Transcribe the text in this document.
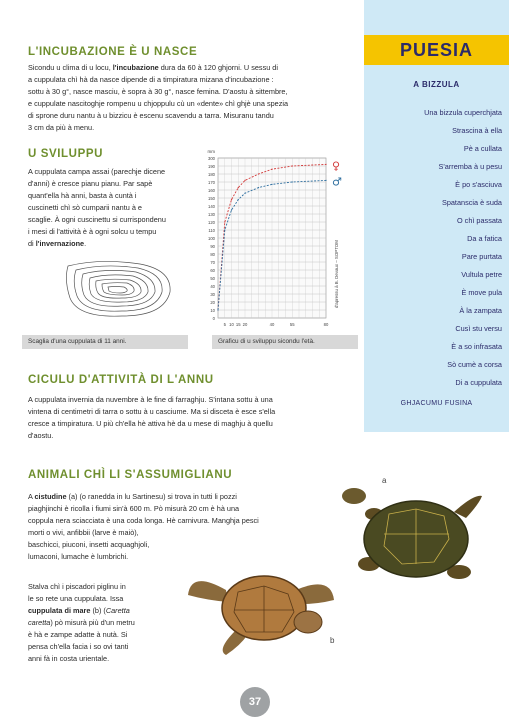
L'INCUBAZIONE È U NASCE
Sicondu u clima di u locu, l'incubazione dura da 60 à 120 ghjorni. U sessu di
a cuppulata chì hà da nasce dipende di a timpiratura mizana d'incubazione :
sottu à 30 g°, nasce masciu, è sopra à 30 g°, nasce femina. D'aostu à sittembre,
e cuppulate nascitoghje rompenu u chjoppulu cù un «dente» chì ghjè una spezia
di sprone duru nantu à u bizzicu è escenu scavendu a tarra. Misuranu tandu
3 cm da più à menu.
U SVILUPPU
A cuppulata campa assai (parechje dicene
d'anni) è cresce pianu pianu. Par sapè
quant'ella hà anni, basta à cuntà i
cuscinetti chì sò cumparii nantu à e
scaglie. À ogni cuscinettu si currispondenu
i mesi di l'attività è à ogni solcu u tempu
di l'invernazione.
Scaglia d'una cuppulata di 11 anni.
300
190
180
170
160
150
140
130
120
110
100
90
80
70
60
50
40
30
20
10
0
5 10 15 20	40	55	80
mm
d'apressu à B. Devaux – SOPTOM
♀
♂
Graficu di u sviluppu sicondu l'età.
CICULU D'ATTIVITÀ DI L'ANNU
A cuppulata invernia da nuvembre à le fine di farraghju. S'intana sottu à una
vintena di centimetri di tarra o sottu à u casciume. Ma si disceta è esce s'ella
cresce a timpiratura. U più ch'ella hè attiva hè da u mese di maghju à quellu
d'aostu.
ANIMALI CHÌ LI S'ASSUMIGLIANU
A cistudine (a) (o ranedda in lu Sartinesu) si trova in tutti li pozzi
piaghjinchi è ricolla i fiumi sin'à 600 m. Pò misurà 20 cm è hà una
coppula nera sciacciata è una coda longa. Hè carnivura. Manghja pesci
morti o vivi, anfibbii (larve è maiò),
baschicci, piuconi, insetti acquaghjoli,
lumaconi, lumache è lumbrichi.
Stalva chì i piscadori piglinu in
le so rete una cuppulata. Issa
cuppulata di mare (b) (Caretta
caretta) pò misurà più d'un metru
è hà e zampe adatte à nutà. Si
pensa ch'ella facia i so ovi tanti
anni fà in costa urientale.
a
b
PUESIA
A BIZZULA
Una bizzula cuperchjata
Strascina à ella
Pè a cullata
S'arremba à u pesu
È po s'asciuva
Spatanscia è suda
O chì passata
Da a fatica
Pare purtata
Vultula petre
È move pula
À la zampata
Cusì stu versu
È a so infrasata
Sò cumè a corsa
Di a cuppulata
GHJACUMU FUSINA
37
